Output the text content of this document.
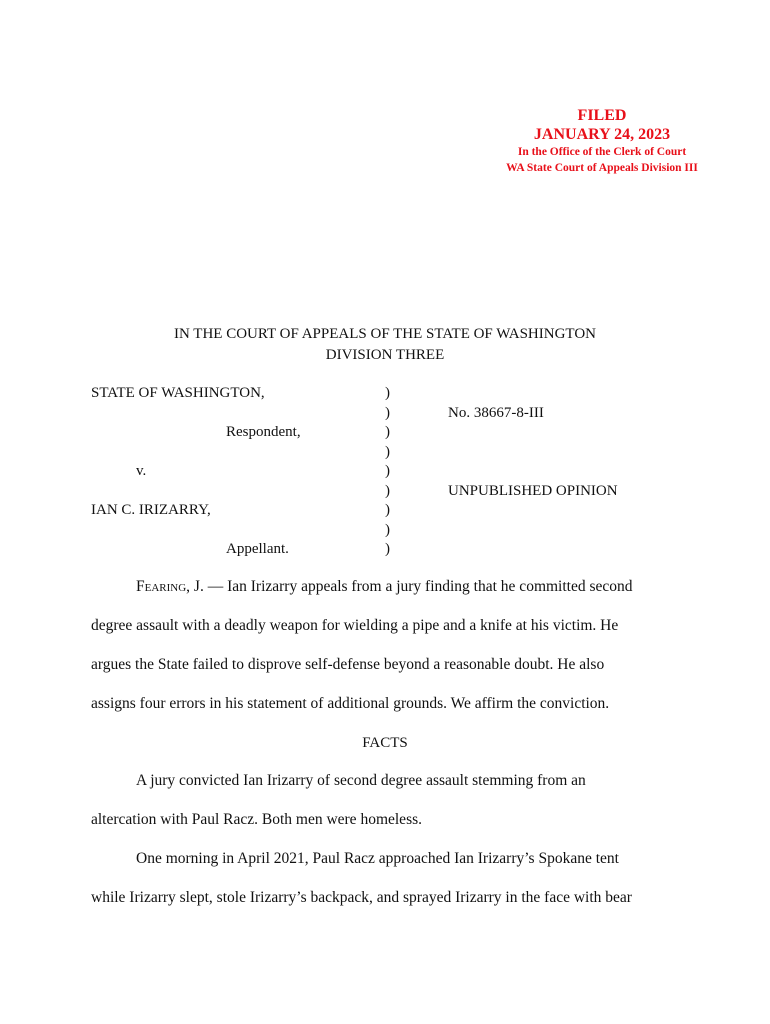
FILED
JANUARY 24, 2023
In the Office of the Clerk of Court
WA State Court of Appeals Division III
IN THE COURT OF APPEALS OF THE STATE OF WASHINGTON
DIVISION THREE
STATE OF WASHINGTON,
Respondent,
v.
IAN C. IRIZARRY,
Appellant.
)
)
)
)
)
)
)
)
)
No. 38667-8-III
UNPUBLISHED OPINION
Fearing, J. — Ian Irizarry appeals from a jury finding that he committed second
degree assault with a deadly weapon for wielding a pipe and a knife at his victim. He
argues the State failed to disprove self-defense beyond a reasonable doubt. He also
assigns four errors in his statement of additional grounds. We affirm the conviction.
FACTS
A jury convicted Ian Irizarry of second degree assault stemming from an
altercation with Paul Racz. Both men were homeless.
One morning in April 2021, Paul Racz approached Ian Irizarry’s Spokane tent
while Irizarry slept, stole Irizarry’s backpack, and sprayed Irizarry in the face with bear
